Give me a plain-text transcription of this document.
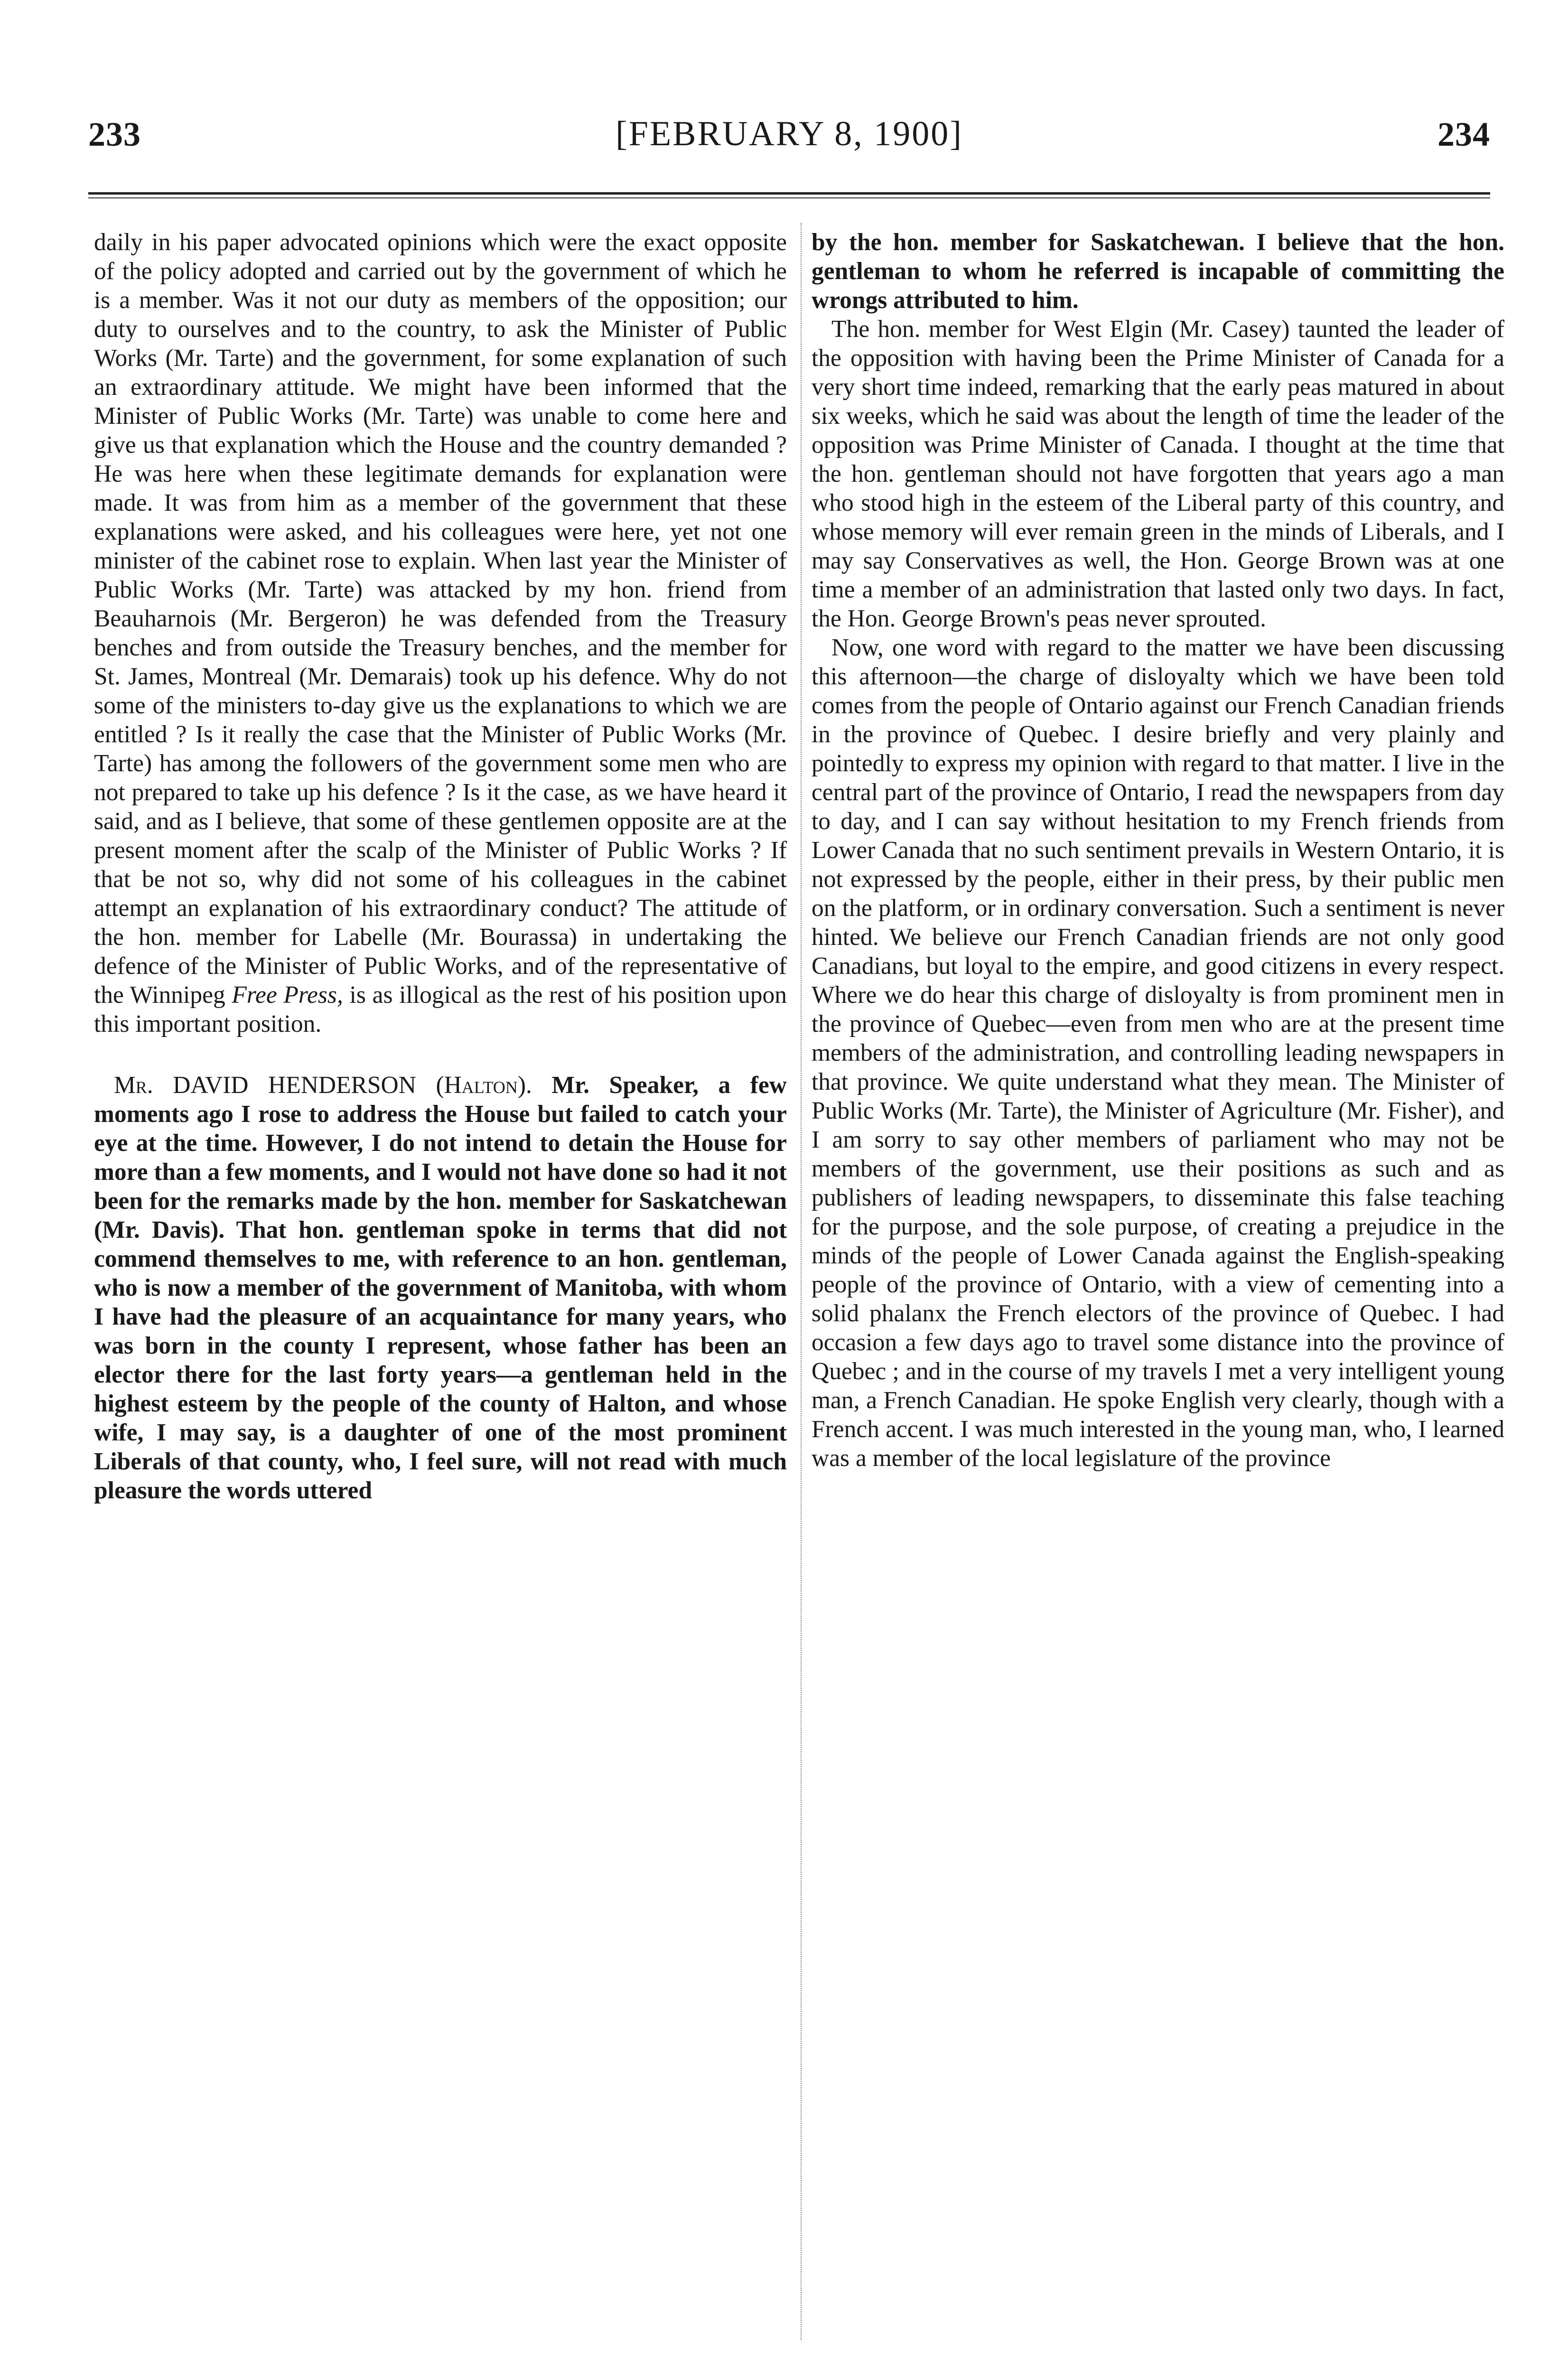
233	[FEBRUARY 8, 1900]	234

daily in his paper advocated opinions which were the exact opposite of the policy adopted and carried out by the government of which he is a member. Was it not our duty as members of the opposition; our duty to ourselves and to the country, to ask the Minister of Public Works (Mr. Tarte) and the government, for some explanation of such an extraordinary attitude. We might have been informed that the Minister of Public Works (Mr. Tarte) was unable to come here and give us that explanation which the House and the country demanded ? He was here when these legitimate demands for explanation were made. It was from him as a member of the government that these explanations were asked, and his colleagues were here, yet not one minister of the cabinet rose to explain. When last year the Minister of Public Works (Mr. Tarte) was attacked by my hon. friend from Beauharnois (Mr. Bergeron) he was defended from the Treasury benches and from outside the Treasury benches, and the member for St. James, Montreal (Mr. Demarais) took up his defence. Why do not some of the ministers to-day give us the explanations to which we are entitled ? Is it really the case that the Minister of Public Works (Mr. Tarte) has among the followers of the government some men who are not prepared to take up his defence ? Is it the case, as we have heard it said, and as I believe, that some of these gentlemen opposite are at the present moment after the scalp of the Minister of Public Works ? If that be not so, why did not some of his colleagues in the cabinet attempt an explanation of his extraordinary conduct? The attitude of the hon. member for Labelle (Mr. Bourassa) in undertaking the defence of the Minister of Public Works, and of the representative of the Winnipeg Free Press, is as illogical as the rest of his position upon this important position.

Mr. DAVID HENDERSON (Halton). Mr. Speaker, a few moments ago I rose to address the House but failed to catch your eye at the time. However, I do not intend to detain the House for more than a few moments, and I would not have done so had it not been for the remarks made by the hon. member for Saskatchewan (Mr. Davis). That hon. gentleman spoke in terms that did not commend themselves to me, with reference to an hon. gentleman, who is now a member of the government of Manitoba, with whom I have had the pleasure of an acquaintance for many years, who was born in the county I represent, whose father has been an elector there for the last forty years—a gentleman held in the highest esteem by the people of the county of Halton, and whose wife, I may say, is a daughter of one of the most prominent Liberals of that county, who, I feel sure, will not read with much pleasure the words uttered

by the hon. member for Saskatchewan. I believe that the hon. gentleman to whom he referred is incapable of committing the wrongs attributed to him.

The hon. member for West Elgin (Mr. Casey) taunted the leader of the opposition with having been the Prime Minister of Canada for a very short time indeed, remarking that the early peas matured in about six weeks, which he said was about the length of time the leader of the opposition was Prime Minister of Canada. I thought at the time that the hon. gentleman should not have forgotten that years ago a man who stood high in the esteem of the Liberal party of this country, and whose memory will ever remain green in the minds of Liberals, and I may say Conservatives as well, the Hon. George Brown was at one time a member of an administration that lasted only two days. In fact, the Hon. George Brown's peas never sprouted.

Now, one word with regard to the matter we have been discussing this afternoon—the charge of disloyalty which we have been told comes from the people of Ontario against our French Canadian friends in the province of Quebec. I desire briefly and very plainly and pointedly to express my opinion with regard to that matter. I live in the central part of the province of Ontario, I read the newspapers from day to day, and I can say without hesitation to my French friends from Lower Canada that no such sentiment prevails in Western Ontario, it is not expressed by the people, either in their press, by their public men on the platform, or in ordinary conversation. Such a sentiment is never hinted. We believe our French Canadian friends are not only good Canadians, but loyal to the empire, and good citizens in every respect. Where we do hear this charge of disloyalty is from prominent men in the province of Quebec—even from men who are at the present time members of the administration, and controlling leading newspapers in that province. We quite understand what they mean. The Minister of Public Works (Mr. Tarte), the Minister of Agriculture (Mr. Fisher), and I am sorry to say other members of parliament who may not be members of the government, use their positions as such and as publishers of leading newspapers, to disseminate this false teaching for the purpose, and the sole purpose, of creating a prejudice in the minds of the people of Lower Canada against the English-speaking people of the province of Ontario, with a view of cementing into a solid phalanx the French electors of the province of Quebec. I had occasion a few days ago to travel some distance into the province of Quebec ; and in the course of my travels I met a very intelligent young man, a French Canadian. He spoke English very clearly, though with a French accent. I was much interested in the young man, who, I learned was a member of the local legislature of the province
